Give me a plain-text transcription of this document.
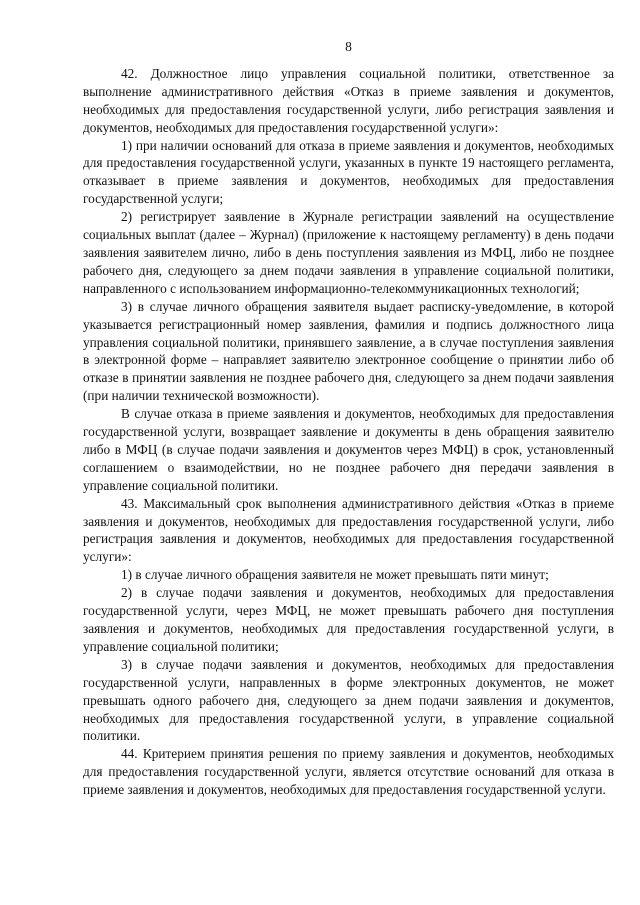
8

42. Должностное лицо управления социальной политики, ответственное за выполнение административного действия «Отказ в приеме заявления и документов, необходимых для предоставления государственной услуги, либо регистрация заявления и документов, необходимых для предоставления государственной услуги»:

1) при наличии оснований для отказа в приеме заявления и документов, необходимых для предоставления государственной услуги, указанных в пункте 19 настоящего регламента, отказывает в приеме заявления и документов, необходимых для предоставления государственной услуги;

2) регистрирует заявление в Журнале регистрации заявлений на осуществление социальных выплат (далее – Журнал) (приложение к настоящему регламенту) в день подачи заявления заявителем лично, либо в день поступления заявления из МФЦ, либо не позднее рабочего дня, следующего за днем подачи заявления в управление социальной политики, направленного с использованием информационно-телекоммуникационных технологий;

3) в случае личного обращения заявителя выдает расписку-уведомление, в которой указывается регистрационный номер заявления, фамилия и подпись должностного лица управления социальной политики, принявшего заявление, а в случае поступления заявления в электронной форме – направляет заявителю электронное сообщение о принятии либо об отказе в принятии заявления не позднее рабочего дня, следующего за днем подачи заявления (при наличии технической возможности).

В случае отказа в приеме заявления и документов, необходимых для предоставления государственной услуги, возвращает заявление и документы в день обращения заявителю либо в МФЦ (в случае подачи заявления и документов через МФЦ) в срок, установленный соглашением о взаимодействии, но не позднее рабочего дня передачи заявления в управление социальной политики.

43. Максимальный срок выполнения административного действия «Отказ в приеме заявления и документов, необходимых для предоставления государственной услуги, либо регистрация заявления и документов, необходимых для предоставления государственной услуги»:

1) в случае личного обращения заявителя не может превышать пяти минут;

2) в случае подачи заявления и документов, необходимых для предоставления государственной услуги, через МФЦ, не может превышать рабочего дня поступления заявления и документов, необходимых для предоставления государственной услуги, в управление социальной политики;

3) в случае подачи заявления и документов, необходимых для предоставления государственной услуги, направленных в форме электронных документов, не может превышать одного рабочего дня, следующего за днем подачи заявления и документов, необходимых для предоставления государственной услуги, в управление социальной политики.

44. Критерием принятия решения по приему заявления и документов, необходимых для предоставления государственной услуги, является отсутствие оснований для отказа в приеме заявления и документов, необходимых для предоставления государственной услуги.
